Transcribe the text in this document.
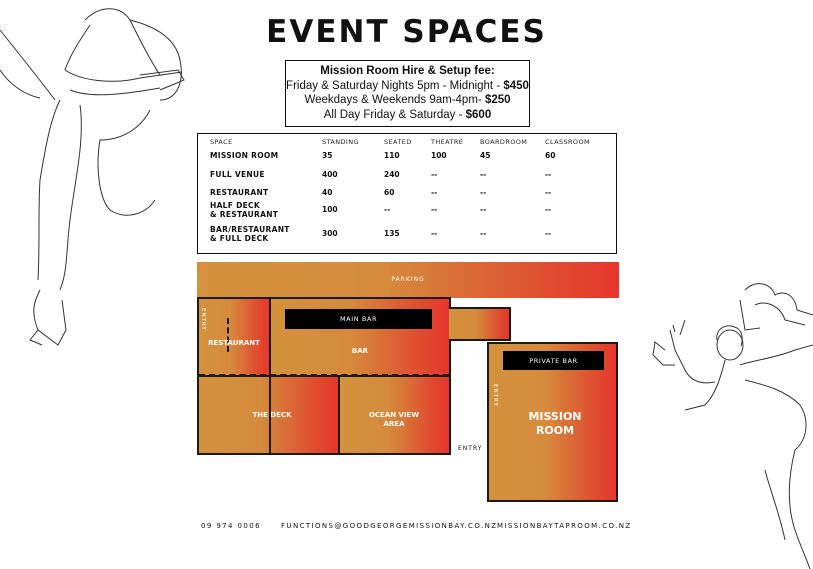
EVENT SPACES
Mission Room Hire & Setup fee:
Friday & Saturday Nights 5pm - Midnight - $450
Weekdays & Weekends 9am-4pm- $250
All Day Friday & Saturday - $600
SPACE	STANDING	SEATED	THEATRE	BOARDROOM	CLASSROOM
MISSION ROOM	35	110	100	45	60
FULL VENUE	400	240	--	--	--
RESTAURANT	40	60	--	--	--
HALF DECK
& RESTAURANT
100	--	--	--	--
BAR/RESTAURANT
& FULL DECK
300	135	--	--	--
PARKING
MAIN BAR
BAR
RESTAURANT
ENTRY
THE DECK	OCEAN VIEW
AREA
ENTRY
PRIVATE BAR
ENTRY
MISSION
ROOM
09 974 0006	FUNCTIONS@GOODGEORGEMISSIONBAY.CO.NZ MISSIONBAYTAPROOM.CO.NZ
